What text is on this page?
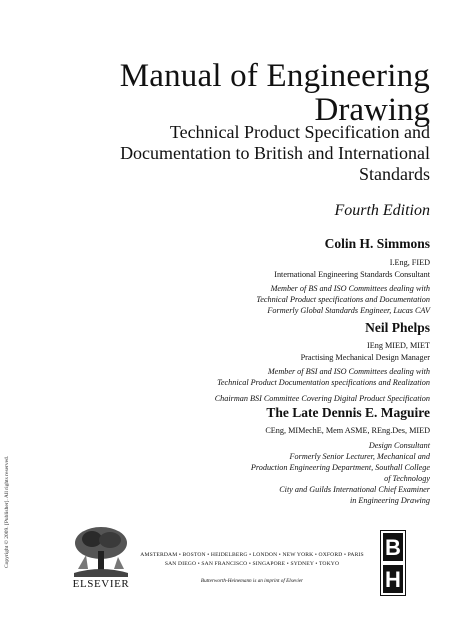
Copyright © 2009. [Publisher]. All rights reserved.
Manual of Engineering
Drawing
Technical Product Specification and
Documentation to British and International
Standards
Fourth Edition
Colin H. Simmons
I.Eng, FIED
International Engineering Standards Consultant
Member of BS and ISO Committees dealing with
Technical Product specifications and Documentation
Formerly Global Standards Engineer, Lucas CAV
Neil Phelps
IEng MIED, MIET
Practising Mechanical Design Manager
Member of BSI and ISO Committees dealing with
Technical Product Documentation specifications and Realization
Chairman BSI Committee Covering Digital Product Specification
The Late Dennis E. Maguire
CEng, MIMechE, Mem ASME, REng.Des, MIED
Design Consultant
Formerly Senior Lecturer, Mechanical and
Production Engineering Department, Southall College
of Technology
City and Guilds International Chief Examiner
in Engineering Drawing
ELSEVIER
AMSTERDAM • BOSTON • HEIDELBERG • LONDON • NEW YORK • OXFORD • PARIS
SAN DIEGO • SAN FRANCISCO • SINGAPORE • SYDNEY • TOKYO
Butterworth-Heinemann is an imprint of Elsevier
B
H
